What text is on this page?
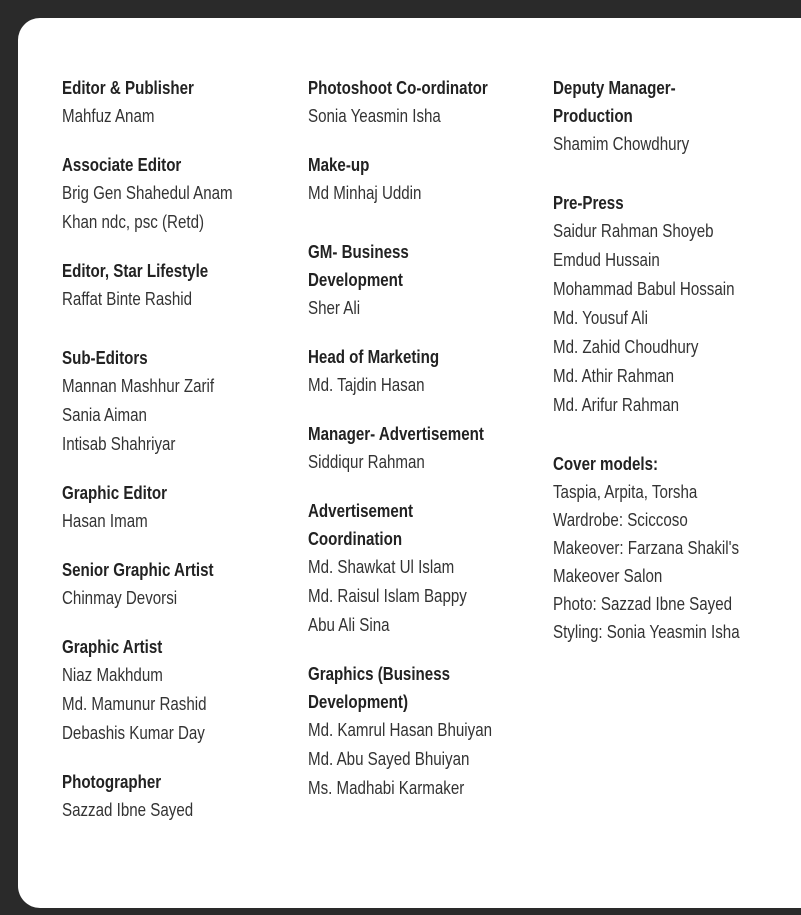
Editor & Publisher
Mahfuz Anam
Associate Editor
Brig Gen Shahedul Anam
Khan ndc, psc (Retd)
Editor, Star Lifestyle
Raffat Binte Rashid
Sub-Editors
Mannan Mashhur Zarif
Sania Aiman
Intisab Shahriyar
Graphic Editor
Hasan Imam
Senior Graphic Artist
Chinmay Devorsi
Graphic Artist
Niaz Makhdum
Md. Mamunur Rashid
Debashis Kumar Day
Photographer
Sazzad Ibne Sayed
Photoshoot Co-ordinator
Sonia Yeasmin Isha
Make-up
Md Minhaj Uddin
GM- Business Development
Sher Ali
Head of Marketing
Md. Tajdin Hasan
Manager- Advertisement
Siddiqur Rahman
Advertisement Coordination
Md. Shawkat Ul Islam
Md. Raisul Islam Bappy
Abu Ali Sina
Graphics (Business Development)
Md. Kamrul Hasan Bhuiyan
Md. Abu Sayed Bhuiyan
Ms. Madhabi Karmaker
Deputy Manager- Production
Shamim Chowdhury
Pre-Press
Saidur Rahman Shoyeb
Emdud Hussain
Mohammad Babul Hossain
Md. Yousuf Ali
Md. Zahid Choudhury
Md. Athir Rahman
Md. Arifur Rahman
Cover models:
Taspia, Arpita, Torsha
Wardrobe: Sciccoso
Makeover: Farzana Shakil's
Makeover Salon
Photo: Sazzad Ibne Sayed
Styling: Sonia Yeasmin Isha
